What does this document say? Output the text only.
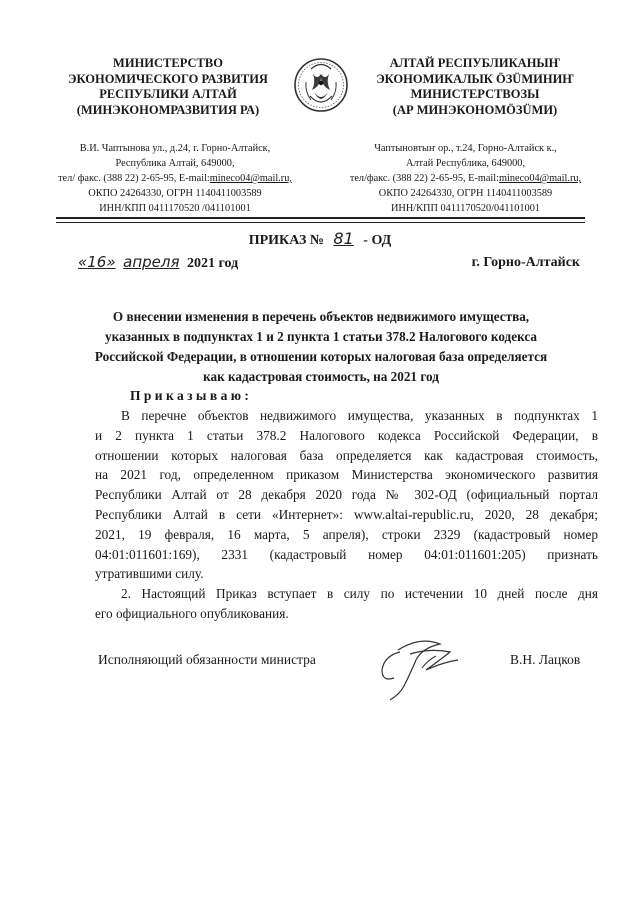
МИНИСТЕРСТВО
ЭКОНОМИЧЕСКОГО РАЗВИТИЯ
РЕСПУБЛИКИ АЛТАЙ
(МИНЭКОНОМРАЗВИТИЯ РА)
АЛТАЙ РЕСПУБЛИКАНЫҤ
ЭКОНОМИКАЛЫК ÖЗÜМИНИҤ
МИНИСТЕРСТВОЗЫ
(АР МИНЭКОНОМÖЗÜМИ)
В.И. Чаптынова ул., д.24, г. Горно-Алтайск,
Республика Алтай, 649000,
тел/ факс. (388 22) 2-65-95, E-mail:mineco04@mail.ru,
ОКПО 24264330, ОГРН 1140411003589
ИНН/КПП 0411170520 /041101001
Чаптыновтыҥ ор., т.24, Горно-Алтайск к.,
Алтай Республика, 649000,
тел/факс. (388 22) 2-65-95, E-mail:mineco04@mail.ru,
ОКПО 24264330, ОГРН 1140411003589
ИНН/КПП 0411170520/041101001
ПРИКАЗ № 81 - ОД
«16» апреля 2021 год	г. Горно-Алтайск
О внесении изменения в перечень объектов недвижимого имущества, указанных в подпунктах 1 и 2 пункта 1 статьи 378.2 Налогового кодекса Российской Федерации, в отношении которых налоговая база определяется как кадастровая стоимость, на 2021 год
Приказываю:
В перечне объектов недвижимого имущества, указанных в подпунктах 1
и 2 пункта 1 статьи 378.2 Налогового кодекса Российской Федерации, в
отношении которых налоговая база определяется как кадастровая стоимость,
на 2021 год, определенном приказом Министерства экономического развития
Республики Алтай от 28 декабря 2020 года № 302-ОД (официальный портал
Республики Алтай в сети «Интернет»: www.altai-republic.ru, 2020, 28 декабря;
2021, 19 февраля, 16 марта, 5 апреля), строки 2329 (кадастровый номер
04:01:011601:169), 2331 (кадастровый номер 04:01:011601:205) признать
утратившими силу.
2. Настоящий Приказ вступает в силу по истечении 10 дней после дня
его официального опубликования.
Исполняющий обязанности министра	В.Н. Лацков
